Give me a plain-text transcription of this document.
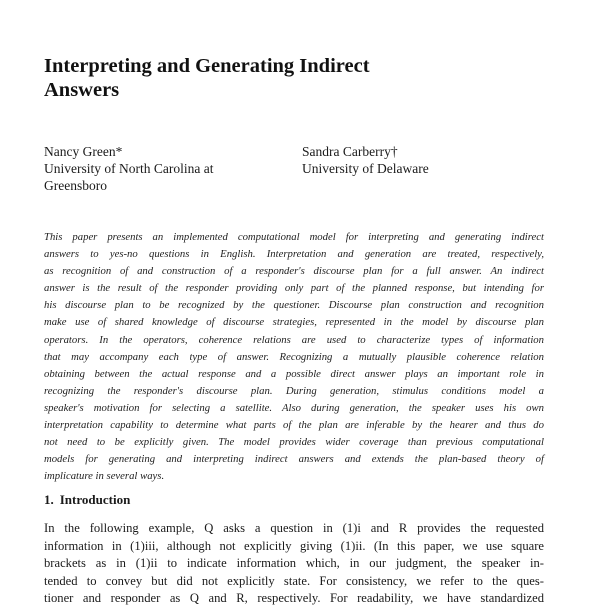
Interpreting and Generating Indirect
Answers
Nancy Green*
University of North Carolina at
Greensboro
Sandra Carberry†
University of Delaware
This paper presents an implemented computational model for interpreting and generating indirect
answers to yes-no questions in English. Interpretation and generation are treated, respectively,
as recognition of and construction of a responder's discourse plan for a full answer. An indirect
answer is the result of the responder providing only part of the planned response, but intending for
his discourse plan to be recognized by the questioner. Discourse plan construction and recognition
make use of shared knowledge of discourse strategies, represented in the model by discourse plan
operators. In the operators, coherence relations are used to characterize types of information
that may accompany each type of answer. Recognizing a mutually plausible coherence relation
obtaining between the actual response and a possible direct answer plays an important role in
recognizing the responder's discourse plan. During generation, stimulus conditions model a
speaker's motivation for selecting a satellite. Also during generation, the speaker uses his own
interpretation capability to determine what parts of the plan are inferable by the hearer and thus do
not need to be explicitly given. The model provides wider coverage than previous computational
models for generating and interpreting indirect answers and extends the plan-based theory of
implicature in several ways.
1. Introduction
In the following example, Q asks a question in (1)i and R provides the requested
information in (1)iii, although not explicitly giving (1)ii. (In this paper, we use square
brackets as in (1)ii to indicate information which, in our judgment, the speaker in-
tended to convey but did not explicitly state. For consistency, we refer to the ques-
tioner and responder as Q and R, respectively. For readability, we have standardized
